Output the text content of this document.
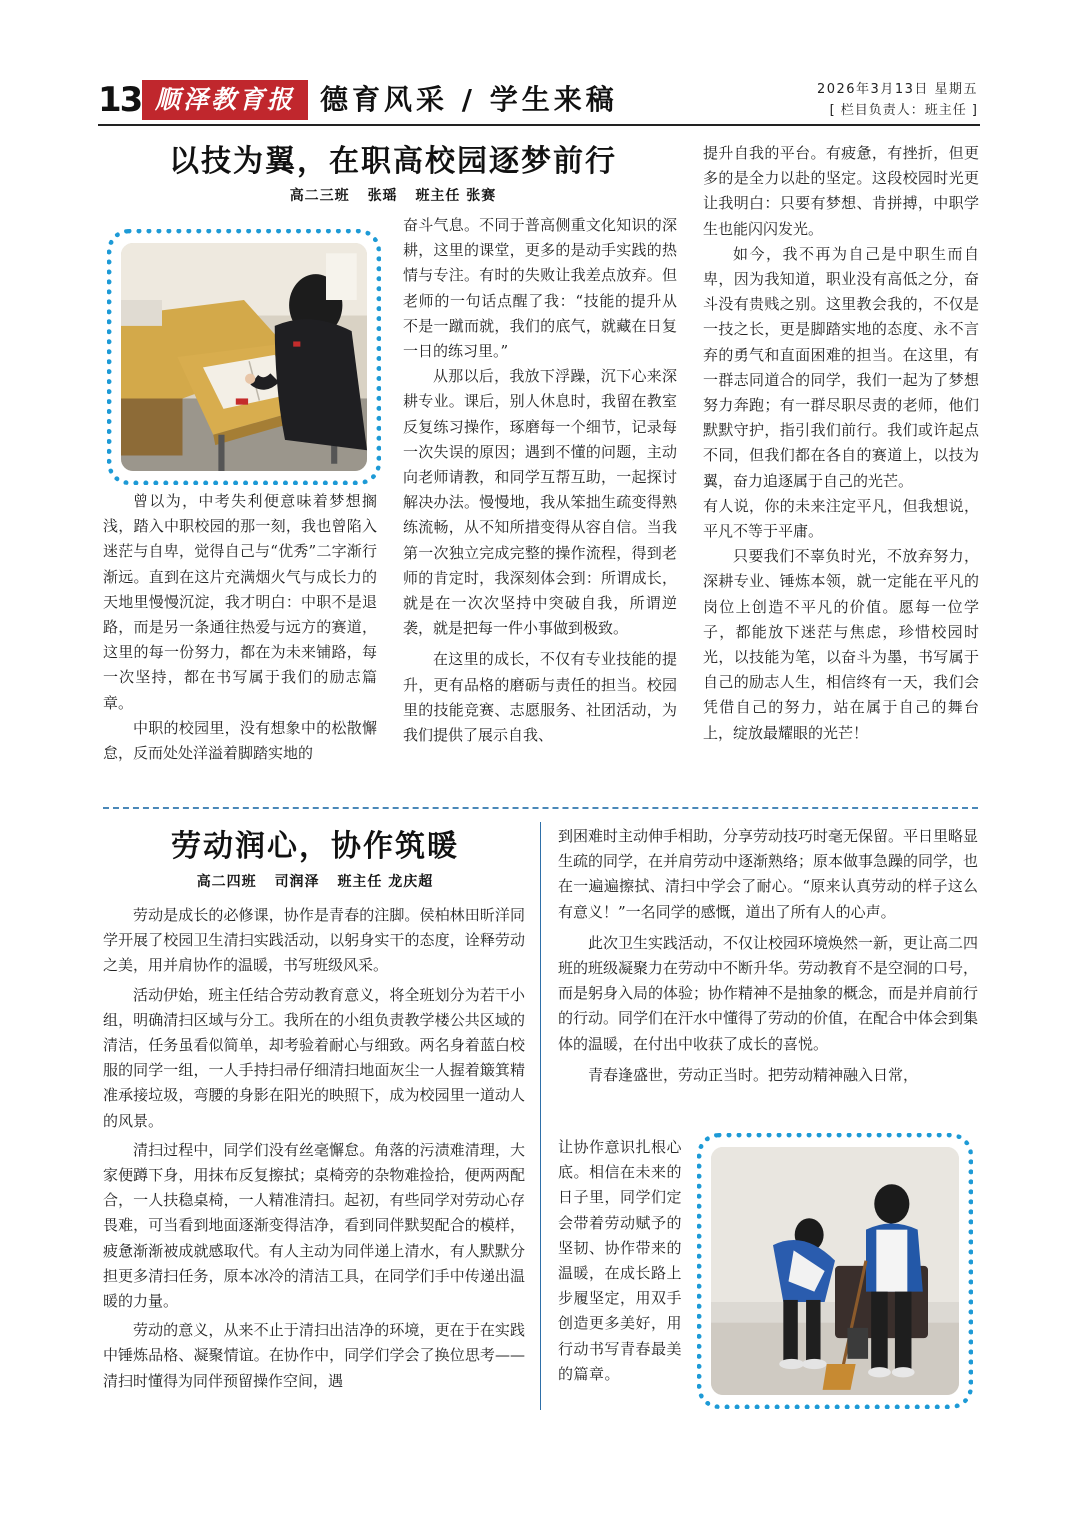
13 顺泽教育报 德育风采 / 学生来稿	2026年3月13日 星期五
[ 栏目负责人：班主任 ]
以技为翼，在职高校园逐梦前行
高二三班 张瑶 班主任 张赛

曾以为，中考失利便意味着梦想搁浅，踏入中职校园的那一刻，我也曾陷入迷茫与自卑，觉得自己与“优秀”二字渐行渐远。直到在这片充满烟火气与成长力的天地里慢慢沉淀，我才明白：中职不是退路，而是另一条通往热爱与远方的赛道，这里的每一份努力，都在为未来铺路，每一次坚持，都在书写属于我们的励志篇章。

中职的校园里，没有想象中的松散懈怠，反而处处洋溢着脚踏实地的

奋斗气息。不同于普高侧重文化知识的深耕，这里的课堂，更多的是动手实践的热情与专注。有时的失败让我差点放弃。但老师的一句话点醒了我：“技能的提升从不是一蹴而就，我们的底气，就藏在日复一日的练习里。”

从那以后，我放下浮躁，沉下心来深耕专业。课后，别人休息时，我留在教室反复练习操作，琢磨每一个细节，记录每一次失误的原因；遇到不懂的问题，主动向老师请教，和同学互帮互助，一起探讨解决办法。慢慢地，我从笨拙生疏变得熟练流畅，从不知所措变得从容自信。当我第一次独立完成完整的操作流程，得到老师的肯定时，我深刻体会到：所谓成长，就是在一次次坚持中突破自我，所谓逆袭，就是把每一件小事做到极致。

在这里的成长，不仅有专业技能的提升，更有品格的磨砺与责任的担当。校园里的技能竞赛、志愿服务、社团活动，为我们提供了展示自我、

提升自我的平台。有疲惫，有挫折，但更多的是全力以赴的坚定。这段校园时光更让我明白：只要有梦想、肯拼搏，中职学生也能闪闪发光。

如今，我不再为自己是中职生而自卑，因为我知道，职业没有高低之分，奋斗没有贵贱之别。这里教会我的，不仅是一技之长，更是脚踏实地的态度、永不言弃的勇气和直面困难的担当。在这里，有一群志同道合的同学，我们一起为了梦想努力奔跑；有一群尽职尽责的老师，他们默默守护，指引我们前行。我们或许起点不同，但我们都在各自的赛道上，以技为翼，奋力追逐属于自己的光芒。

有人说，你的未来注定平凡，但我想说，平凡不等于平庸。

只要我们不辜负时光，不放弃努力，深耕专业、锤炼本领，就一定能在平凡的岗位上创造不平凡的价值。愿每一位学子，都能放下迷茫与焦虑，珍惜校园时光，以技能为笔，以奋斗为墨，书写属于自己的励志人生，相信终有一天，我们会凭借自己的努力，站在属于自己的舞台上，绽放最耀眼的光芒！

劳动润心，协作筑暖
高二四班 司润泽 班主任 龙庆超

劳动是成长的必修课，协作是青春的注脚。侯柏林田昕洋同学开展了校园卫生清扫实践活动，以躬身实干的态度，诠释劳动之美，用并肩协作的温暖，书写班级风采。

活动伊始，班主任结合劳动教育意义，将全班划分为若干小组，明确清扫区域与分工。我所在的小组负责教学楼公共区域的清洁，任务虽看似简单，却考验着耐心与细致。两名身着蓝白校服的同学一组，一人手持扫帚仔细清扫地面灰尘一人握着簸箕精准承接垃圾，弯腰的身影在阳光的映照下，成为校园里一道动人的风景。

清扫过程中，同学们没有丝毫懈怠。角落的污渍难清理，大家便蹲下身，用抹布反复擦拭；桌椅旁的杂物难捡拾，便两两配合，一人扶稳桌椅，一人精准清扫。起初，有些同学对劳动心存畏难，可当看到地面逐渐变得洁净，看到同伴默契配合的模样，疲惫渐渐被成就感取代。有人主动为同伴递上清水，有人默默分担更多清扫任务，原本冰冷的清洁工具，在同学们手中传递出温暖的力量。

劳动的意义，从来不止于清扫出洁净的环境，更在于在实践中锤炼品格、凝聚情谊。在协作中，同学们学会了换位思考——清扫时懂得为同伴预留操作空间，遇

到困难时主动伸手相助，分享劳动技巧时毫无保留。平日里略显生疏的同学，在并肩劳动中逐渐熟络；原本做事急躁的同学，也在一遍遍擦拭、清扫中学会了耐心。“原来认真劳动的样子这么有意义！”一名同学的感慨，道出了所有人的心声。

此次卫生实践活动，不仅让校园环境焕然一新，更让高二四班的班级凝聚力在劳动中不断升华。劳动教育不是空洞的口号，而是躬身入局的体验；协作精神不是抽象的概念，而是并肩前行的行动。同学们在汗水中懂得了劳动的价值，在配合中体会到集体的温暖，在付出中收获了成长的喜悦。

青春逢盛世，劳动正当时。把劳动精神融入日常，

让协作意识扎根心底。相信在未来的日子里，同学们定会带着劳动赋予的坚韧、协作带来的温暖，在成长路上步履坚定，用双手创造更多美好，用行动书写青春最美的篇章。
